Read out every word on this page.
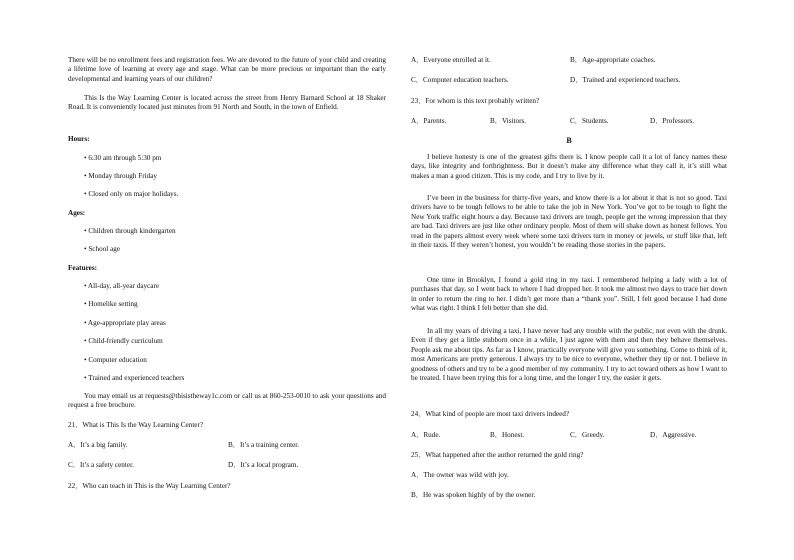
There will be no enrollment fees and registration fees. We are devoted to the future of your child and creating a lifetime love of learning at every age and stage. What can be more precious or important than the early developmental and learning years of our children?

This Is the Way Learning Center is located across the street from Henry Barnard School at 18 Shaker Road. It is conveniently located just minutes from 91 North and South, in the town of Enfield.

Hours:
• 6:30 am through 5:30 pm
• Monday through Friday
• Closed only on major holidays.
Ages:
• Children through kindergarten
• School age
Features:
• All-day, all-year daycare
• Homelike setting
• Age-appropriate play areas
• Child-friendly curriculum
• Computer education
• Trained and experienced teachers

You may email us at requests@thisistheway1c.com or call us at 860-253-0010 to ask your questions and request a free brochure.

21．What is This Is the Way Learning Center?
A．It’s a big family.	B．It’s a training center.
C．It’s a safety center.	D．It’s a local program.
22．Who can teach in This is the Way Learning Center?
A．Everyone enrolled at it.	B．Age-appropriate coaches.
C．Computer education teachers.	D．Trained and experienced teachers.
23．For whom is this text probably written?
A．Parents.	B．Visitors.	C．Students.	D．Professors.
B

I believe honesty is one of the greatest gifts there is. I know people call it a lot of fancy names these days, like integrity and forthrightness. But it doesn’t make any difference what they call it, it’s still what makes a man a good citizen. This is my code, and I try to live by it.

I’ve been in the business for thirty-five years, and know there is a lot about it that is not so good. Taxi drivers have to be tough fellows to be able to take the job in New York. You’ve got to be tough to fight the New York traffic eight hours a day. Because taxi drivers are tough, people get the wrong impression that they are bad. Taxi drivers are just like other ordinary people. Most of them will shake down as honest fellows. You read in the papers almost every week where some taxi drivers turn in money or jewels, or stuff like that, left in their taxis. If they weren’t honest, you wouldn’t be reading those stories in the papers.

One time in Brooklyn, I found a gold ring in my taxi. I remembered helping a lady with a lot of purchases that day, so I went back to where I had dropped her. It took me almost two days to trace her down in order to return the ring to her. I didn’t get more than a “thank you”. Still, I felt good because I had done what was right. I think I felt better than she did.

In all my years of driving a taxi, I have never had any trouble with the public, not even with the drunk. Even if they get a little stubborn once in a while, I just agree with them and then they behave themselves. People ask me about tips. As far as I know, practically everyone will give you something. Come to think of it, most Americans are pretty generous. I always try to be nice to everyone, whether they tip or not. I believe in goodness of others and try to be a good member of my community. I try to act toward others as how I want to be treated. I have been trying this for a long time, and the longer I try, the easier it gets.

24．What kind of people are most taxi drivers indeed?
A．Rude.	B．Honest.	C．Greedy.	D．Aggressive.
25．What happened after the author returned the gold ring?
A．The owner was wild with joy.
B．He was spoken highly of by the owner.
